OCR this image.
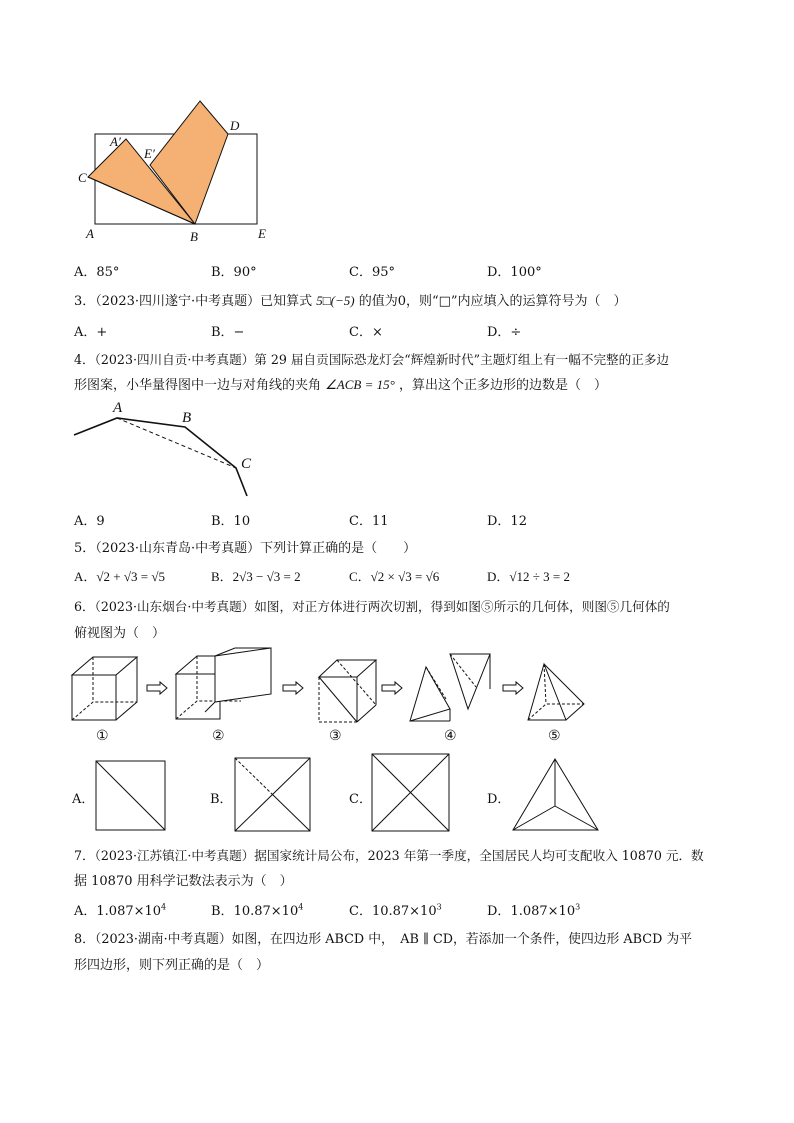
A′
E′
D
C
A	B	E
A．85°	B．90°	C．95°	D．100°
3．（2023·四川遂宁·中考真题）已知算式 5□(−5) 的值为0，则“□”内应填入的运算符号为（　）
A．+	B．−	C．×	D．÷
4．（2023·四川自贡·中考真题）第 29 届自贡国际恐龙灯会“辉煌新时代”主题灯组上有一幅不完整的正多边
形图案，小华量得图中一边与对角线的夹角 ∠ACB = 15° ，算出这个正多边形的边数是（　）
A
B
C
A．9	B．10	C．11	D．12
5．（2023·山东青岛·中考真题）下列计算正确的是（　　）
A．√2 + √3 = √5	B．2√3 − √3 = 2	C．√2 × √3 = √6	D．√12 ÷ 3 = 2
6．（2023·山东烟台·中考真题）如图，对正方体进行两次切割，得到如图⑤所示的几何体，则图⑤几何体的
俯视图为（　）
①	②	③	④	⑤
A．	B．	C．	D．
7．（2023·江苏镇江·中考真题）据国家统计局公布，2023 年第一季度，全国居民人均可支配收入 10870 元．数
据 10870 用科学记数法表示为（　）
A．$1.087\times 10^4$	B．$10.87\times 10^4$	C．$10.87\times 10^3$	D．$1.087\times 10^3$
8．（2023·湖南·中考真题）如图，在四边形 ABCD 中，　AB ∥ CD，若添加一个条件，使四边形 ABCD 为平
形四边形，则下列正确的是（　）
